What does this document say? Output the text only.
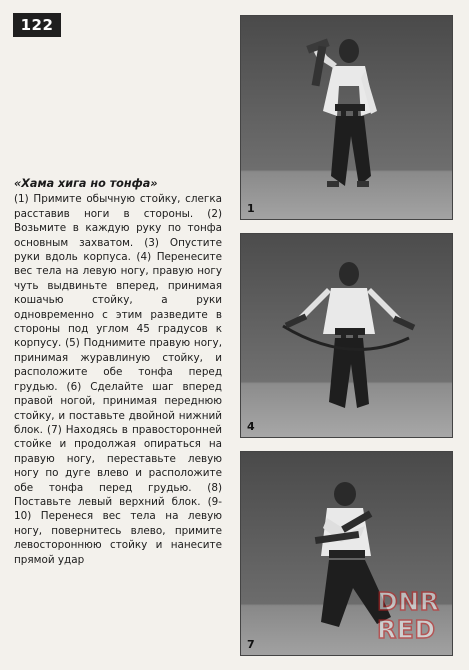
122

«Хама хига но тонфа»

(1) Примите обычную стойку, слегка расставив ноги в стороны. (2) Возьмите в каждую руку по тонфа основным захватом. (3) Опустите руки вдоль корпуса. (4) Перенесите вес тела на левую ногу, правую ногу чуть выдвиньте вперед, принимая кошачью стойку, а руки одновременно с этим разведите в стороны под углом 45 градусов к корпусу. (5) Поднимите правую ногу, принимая журавлиную стойку, и расположите обе тонфа перед грудью. (6) Сделайте шаг вперед правой ногой, принимая переднюю стойку, и поставьте двойной нижний блок. (7) Находясь в правосторонней стойке и продолжая опираться на правую ногу, переставьте левую ногу по дуге влево и расположите обе тонфа перед грудью. (8) Поставьте левый верхний блок. (9-10) Перенеся вес тела на левую ногу, повернитесь влево, примите левостороннюю стойку и нанесите прямой удар

1
4
7
DNR
RED
